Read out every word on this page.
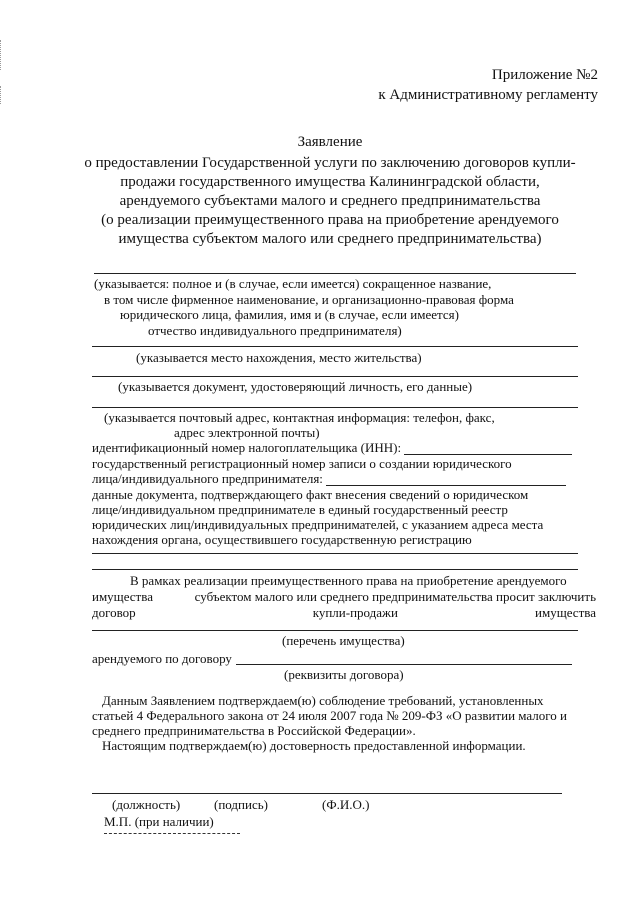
Приложение №2
к Административному регламенту
Заявление
о предоставлении Государственной услуги по заключению договоров купли-
продажи государственного имущества Калининградской области,
арендуемого субъектами малого и среднего предпринимательства
(о реализации преимущественного права на приобретение арендуемого
имущества субъектом малого или среднего предпринимательства)
(указывается: полное и (в случае, если имеется) сокращенное название,
в том числе фирменное наименование, и организационно-правовая форма
юридического лица, фамилия, имя и (в случае, если имеется)
отчество индивидуального предпринимателя)
(указывается место нахождения, место жительства)
(указывается документ, удостоверяющий личность, его данные)
(указывается почтовый адрес, контактная информация: телефон, факс,
адрес электронной почты)
идентификационный номер налогоплательщика (ИНН):
государственный регистрационный номер записи о создании юридического
лица/индивидуального предпринимателя:
данные документа, подтверждающего факт внесения сведений о юридическом
лице/индивидуальном предпринимателе в единый государственный реестр
юридических лиц/индивидуальных предпринимателей, с указанием адреса места
нахождения органа, осуществившего государственную регистрацию
В рамках реализации преимущественного права на приобретение арендуемого
имущества	субъектом малого или среднего предпринимательства просит заключить
договор	купли-продажи	имущества
(перечень имущества)
арендуемого по договору
(реквизиты договора)
Данным Заявлением подтверждаем(ю) соблюдение требований, установленных
статьей 4 Федерального закона от 24 июля 2007 года № 209-ФЗ «О развитии малого и
среднего предпринимательства в Российской Федерации».
Настоящим подтверждаем(ю) достоверность предоставленной информации.
(должность)	(подпись)	(Ф.И.О.)
М.П. (при наличии)
